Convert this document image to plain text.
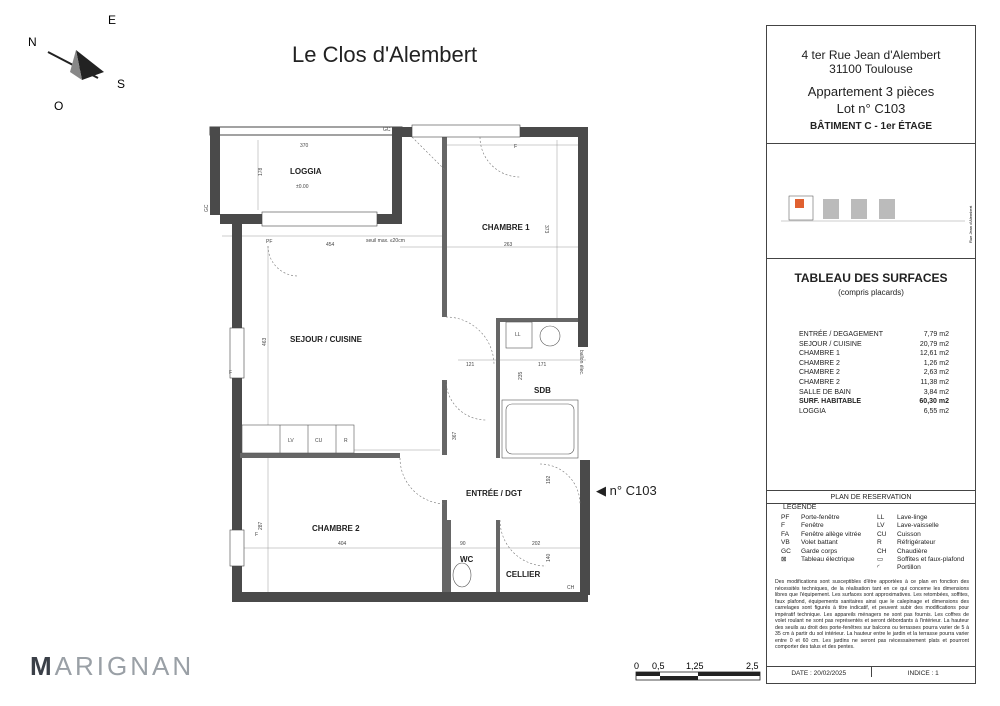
Le Clos d'Alembert
N
E
S
O
LOGGIA
±0.00
CHAMBRE 1
SEJOUR / CUISINE
SDB
ENTRÉE / DGT
CHAMBRE 2
WC
CELLIER
GC
GC
F
PF	seuil max. ≤20cm
LL
LV	CU	R
F
F
CH
ballon élec.
370
178
454	263
373
463
121	171
235
367
192
287
404	90	202
140
◀ n° C103
MARIGNAN	0 0,5 1,25	2,5
4 ter Rue Jean d'Alembert
31100 Toulouse
Appartement 3 pièces
Lot n° C103
BÂTIMENT C - 1er ÉTAGE
Rue Jean d'Alembert
TABLEAU DES SURFACES
(compris placards)
ENTRÉE / DEGAGEMENT	7,79 m2
SEJOUR / CUISINE	20,79 m2
CHAMBRE 1	12,61 m2
CHAMBRE 2	1,26 m2
CHAMBRE 2	2,63 m2
CHAMBRE 2	11,38 m2
SALLE DE BAIN	3,84 m2
SURF. HABITABLE	60,30 m2
LOGGIA	6,55 m2
PLAN DE RESERVATION
LEGENDE
PF	Porte-fenêtre	LL	Lave-linge
F	Fenêtre	LV	Lave-vaisselle
FA	Fenêtre allège vitrée	CU	Cuisson
VB	Volet battant	R	Réfrigérateur
GC	Garde corps	CH	Chaudière
⊠	Tableau électrique	▭	Soffites et faux-plafond
◜	Portillon
Des modifications sont susceptibles d'être apportées à ce plan en fonction des nécessités techniques, de la réalisation tant en ce qui concerne les dimensions libres que l'équipement. Les surfaces sont approximatives. Les retombées, soffites, faux plafond, équipements sanitaires ainsi que le calepinage et dimensions des carrelages sont figurés à titre indicatif, et peuvent subir des modifications pour impératif technique. Les appareils ménagers ne sont pas fournis. Les coffres de volet roulant ne sont pas représentés et seront débordants à l'intérieur. La hauteur des seuils au droit des porte-fenêtres sur balcons ou terrasses pourra varier de 5 à 35 cm à partir du sol intérieur. La hauteur entre le jardin et la terrasse pourra varier entre 0 et 60 cm. Les jardins ne seront pas nécessairement plats et pourront comporter des talus et des pentes.
DATE : 20/02/2025	INDICE : 1
